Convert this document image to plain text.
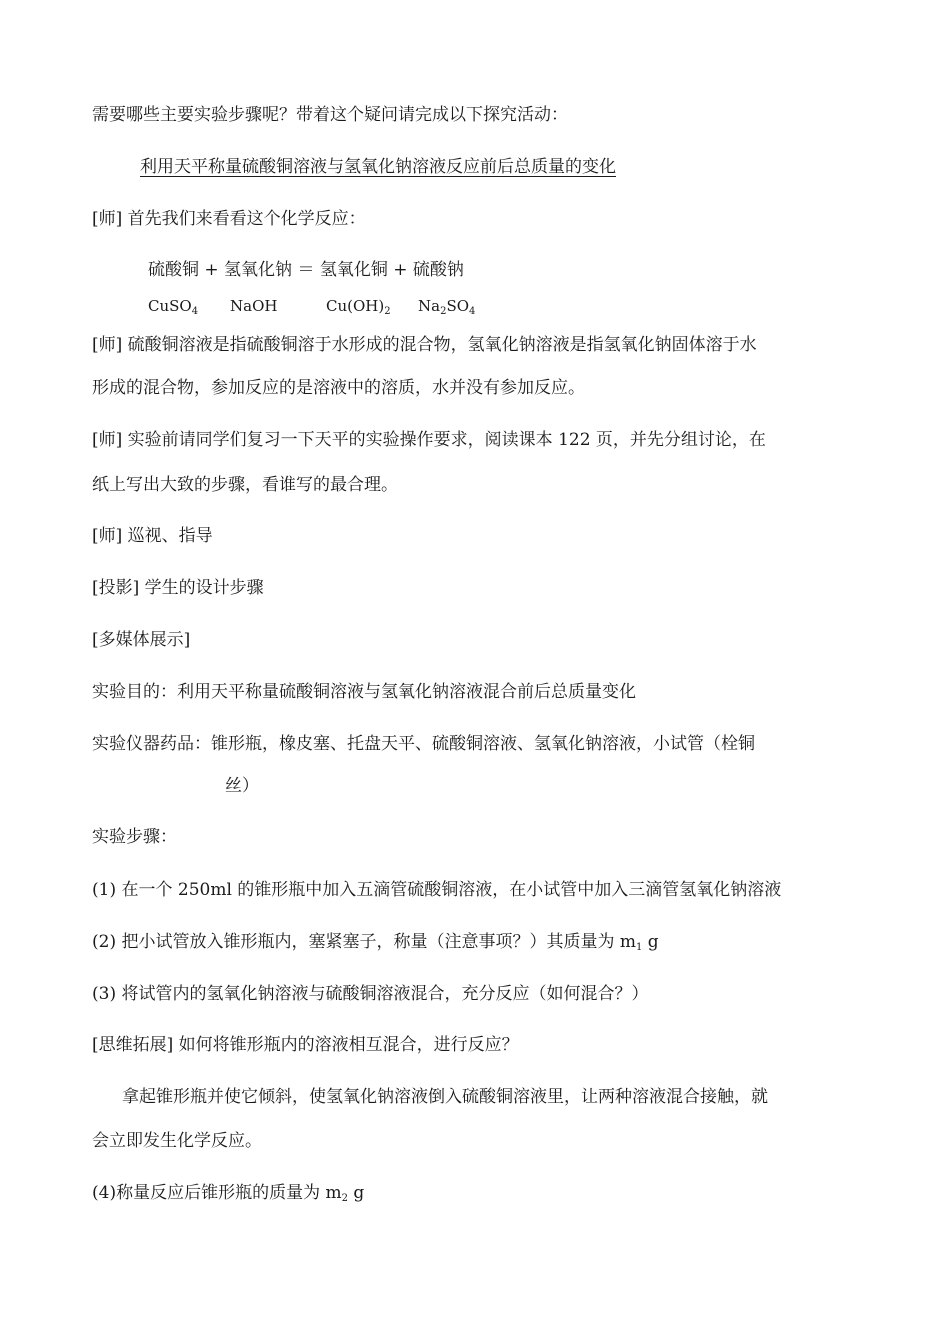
需要哪些主要实验步骤呢？带着这个疑问请完成以下探究活动：
利用天平称量硫酸铜溶液与氢氧化钠溶液反应前后总质量的变化
[师] 首先我们来看看这个化学反应：
硫酸铜 + 氢氧化钠 ＝ 氢氧化铜 + 硫酸钠
CuSO$_4$ NaOH	$Cu(OH)_2$ $Na_2SO_4$
[师] 硫酸铜溶液是指硫酸铜溶于水形成的混合物，氢氧化钠溶液是指氢氧化钠固体溶于水
形成的混合物，参加反应的是溶液中的溶质，水并没有参加反应。
[师] 实验前请同学们复习一下天平的实验操作要求，阅读课本 122 页，并先分组讨论，在
纸上写出大致的步骤，看谁写的最合理。
[师] 巡视、指导
[投影] 学生的设计步骤
[多媒体展示]
实验目的：利用天平称量硫酸铜溶液与氢氧化钠溶液混合前后总质量变化
实验仪器药品：锥形瓶，橡皮塞、托盘天平、硫酸铜溶液、氢氧化钠溶液，小试管（栓铜
丝）
实验步骤：
(1) 在一个 250ml 的锥形瓶中加入五滴管硫酸铜溶液，在小试管中加入三滴管氢氧化钠溶液
(2) 把小试管放入锥形瓶内，塞紧塞子，称量（注意事项？）其质量为 $m_1$ g
(3) 将试管内的氢氧化钠溶液与硫酸铜溶液混合，充分反应（如何混合？）
[思维拓展] 如何将锥形瓶内的溶液相互混合，进行反应？
拿起锥形瓶并使它倾斜，使氢氧化钠溶液倒入硫酸铜溶液里，让两种溶液混合接触，就
会立即发生化学反应。
(4)称量反应后锥形瓶的质量为 $m_2$ g
